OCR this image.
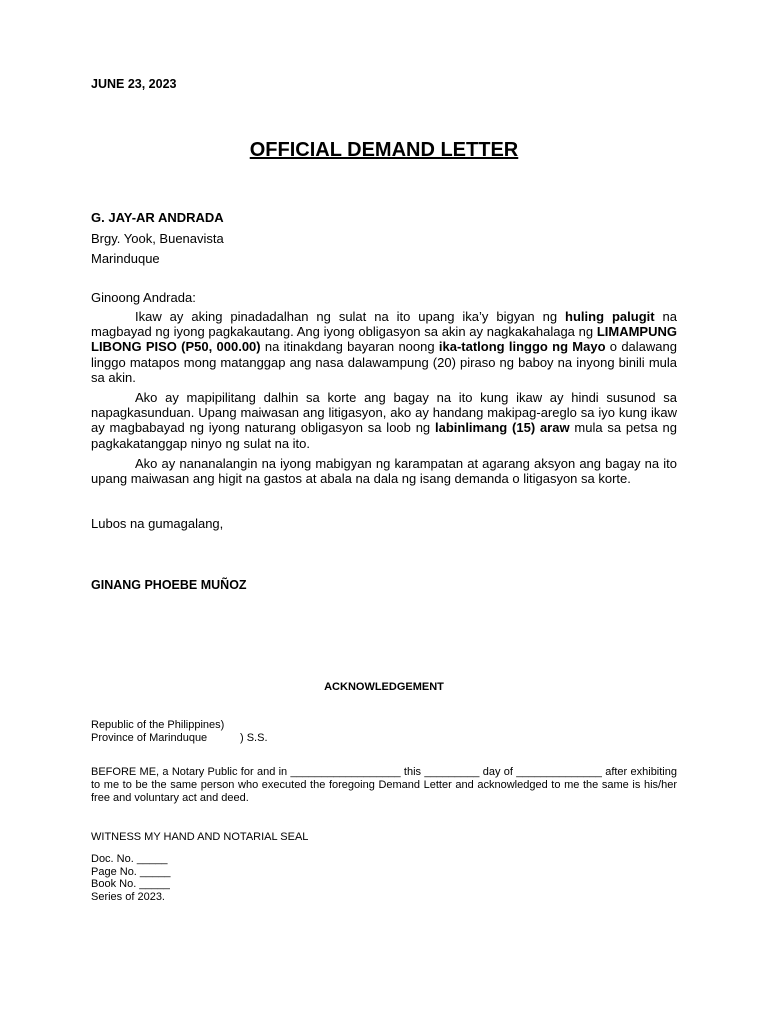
JUNE 23, 2023
OFFICIAL DEMAND LETTER
G. JAY-AR ANDRADA
Brgy. Yook, Buenavista
Marinduque
Ginoong Andrada:

Ikaw ay aking pinadadalhan ng sulat na ito upang ika’y bigyan ng huling palugit na magbayad ng iyong pagkakautang. Ang iyong obligasyon sa akin ay nagkakahalaga ng LIMAMPUNG LIBONG PISO (P50, 000.00) na itinakdang bayaran noong ika-tatlong linggo ng Mayo o dalawang linggo matapos mong matanggap ang nasa dalawampung (20) piraso ng baboy na inyong binili mula sa akin.

Ako ay mapipilitang dalhin sa korte ang bagay na ito kung ikaw ay hindi susunod sa napagkasunduan. Upang maiwasan ang litigasyon, ako ay handang makipag-areglo sa iyo kung ikaw ay magbabayad ng iyong naturang obligasyon sa loob ng labinlimang (15) araw mula sa petsa ng pagkakatanggap ninyo ng sulat na ito.

Ako ay nananalangin na iyong mabigyan ng karampatan at agarang aksyon ang bagay na ito upang maiwasan ang higit na gastos at abala na dala ng isang demanda o litigasyon sa korte.

Lubos na gumagalang,
GINANG PHOEBE MUÑOZ
ACKNOWLEDGEMENT
Republic of the Philippines)
Province of Marinduque	) S.S.
BEFORE ME, a Notary Public for and in __________________ this _________ day of ______________ after exhibiting to me to be the same person who executed the foregoing Demand Letter and acknowledged to me the same is his/her free and voluntary act and deed.
WITNESS MY HAND AND NOTARIAL SEAL
Doc. No. _____
Page No. _____
Book No. _____
Series of 2023.
